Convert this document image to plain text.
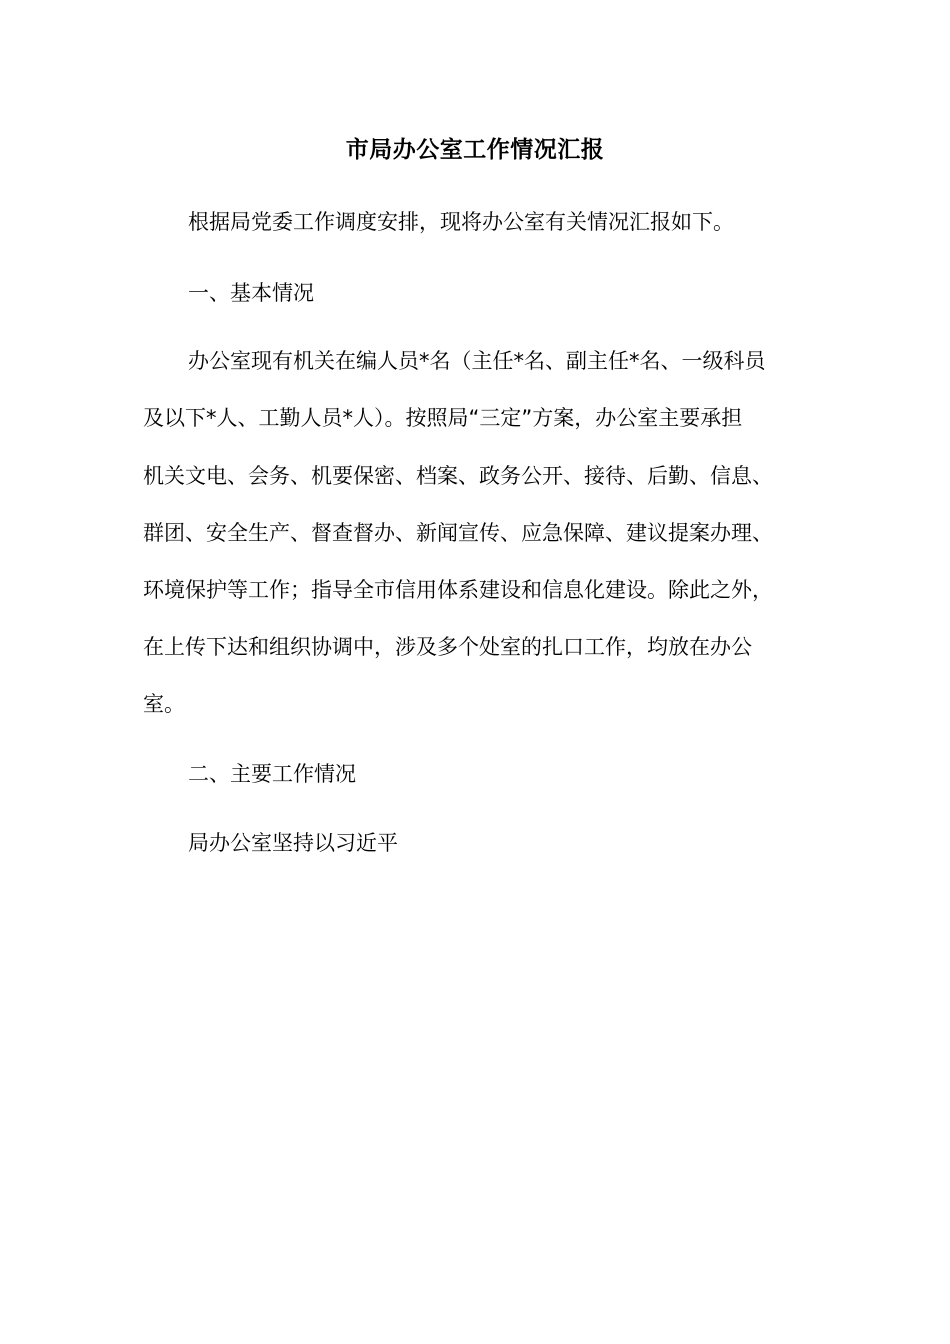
市局办公室工作情况汇报
根据局党委工作调度安排，现将办公室有关情况汇报如下。
一、基本情况
办公室现有机关在编人员*名（主任*名、副主任*名、一级科员
及以下*人、工勤人员*人）。按照局“三定”方案，办公室主要承担
机关文电、会务、机要保密、档案、政务公开、接待、后勤、信息、
群团、安全生产、督查督办、新闻宣传、应急保障、建议提案办理、
环境保护等工作；指导全市信用体系建设和信息化建设。除此之外，
在上传下达和组织协调中，涉及多个处室的扎口工作，均放在办公
室。
二、主要工作情况
局办公室坚持以习近平
